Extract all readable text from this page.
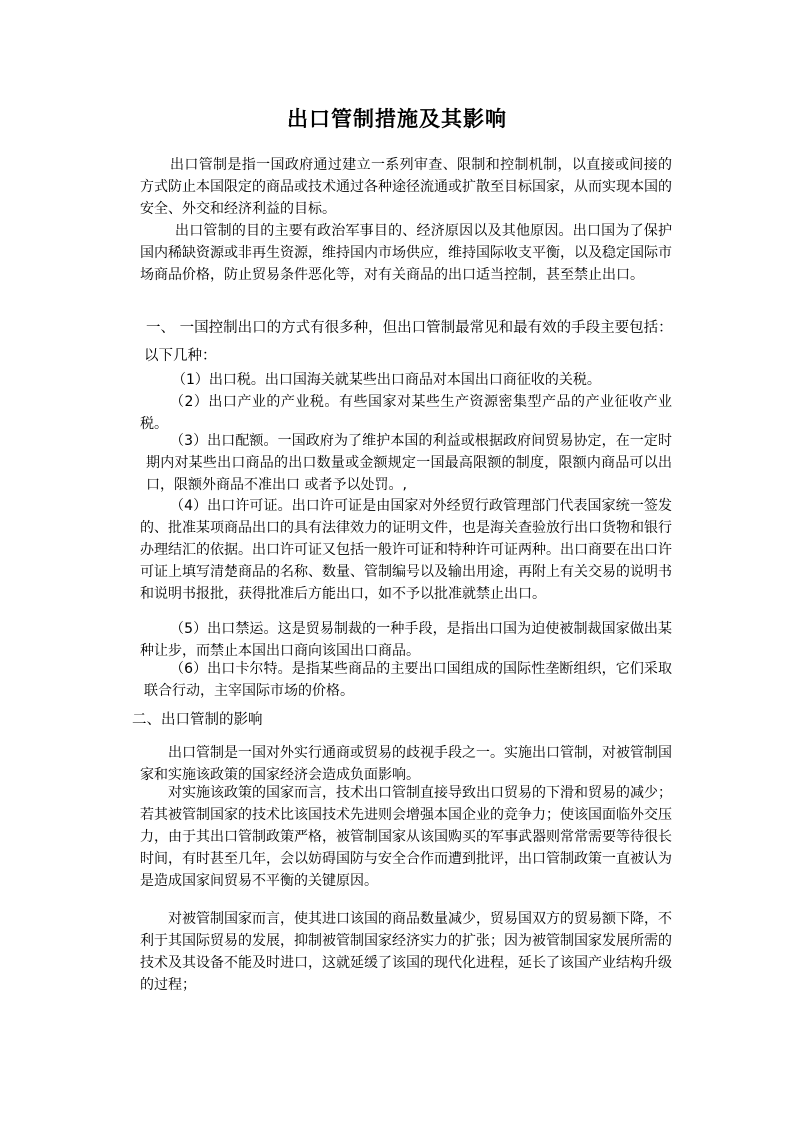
出口管制措施及其影响

出口管制是指一国政府通过建立一系列审查、限制和控制机制，以直接或间接的方式防止本国限定的商品或技术通过各种途径流通或扩散至目标国家，从而实现本国的安全、外交和经济利益的目标。

出口管制的目的主要有政治军事目的、经济原因以及其他原因。出口国为了保护国内稀缺资源或非再生资源，维持国内市场供应，维持国际收支平衡，以及稳定国际市场商品价格，防止贸易条件恶化等，对有关商品的出口适当控制，甚至禁止出口。

一、 一国控制出口的方式有很多种，但出口管制最常见和最有效的手段主要包括：以下几种：

（1）出口税。出口国海关就某些出口商品对本国出口商征收的关税。

（2）出口产业的产业税。有些国家对某些生产资源密集型产品的产业征收产业税。

（3）出口配额。一国政府为了维护本国的利益或根据政府间贸易协定，在一定时期内对某些出口商品的出口数量或金额规定一国最高限额的制度，限额内商品可以出口，限额外商品不准出口 或者予以处罚。,

（4）出口许可证。出口许可证是由国家对外经贸行政管理部门代表国家统一签发的、批准某项商品出口的具有法律效力的证明文件，也是海关查验放行出口货物和银行办理结汇的依据。出口许可证又包括一般许可证和特种许可证两种。出口商要在出口许可证上填写清楚商品的名称、数量、管制编号以及输出用途，再附上有关交易的说明书和说明书报批，获得批准后方能出口，如不予以批准就禁止出口。

（5）出口禁运。这是贸易制裁的一种手段，是指出口国为迫使被制裁国家做出某种让步，而禁止本国出口商向该国出口商品。

（6）出口卡尔特。是指某些商品的主要出口国组成的国际性垄断组织，它们采取联合行动，主宰国际市场的价格。

二、出口管制的影响

出口管制是一国对外实行通商或贸易的歧视手段之一。实施出口管制，对被管制国家和实施该政策的国家经济会造成负面影响。

对实施该政策的国家而言，技术出口管制直接导致出口贸易的下滑和贸易的减少；若其被管制国家的技术比该国技术先进则会增强本国企业的竞争力；使该国面临外交压力，由于其出口管制政策严格，被管制国家从该国购买的军事武器则常常需要等待很长时间，有时甚至几年，会以妨碍国防与安全合作而遭到批评，出口管制政策一直被认为是造成国家间贸易不平衡的关键原因。

对被管制国家而言，使其进口该国的商品数量减少，贸易国双方的贸易额下降，不利于其国际贸易的发展，抑制被管制国家经济实力的扩张；因为被管制国家发展所需的技术及其设备不能及时进口，这就延缓了该国的现代化进程，延长了该国产业结构升级的过程；
